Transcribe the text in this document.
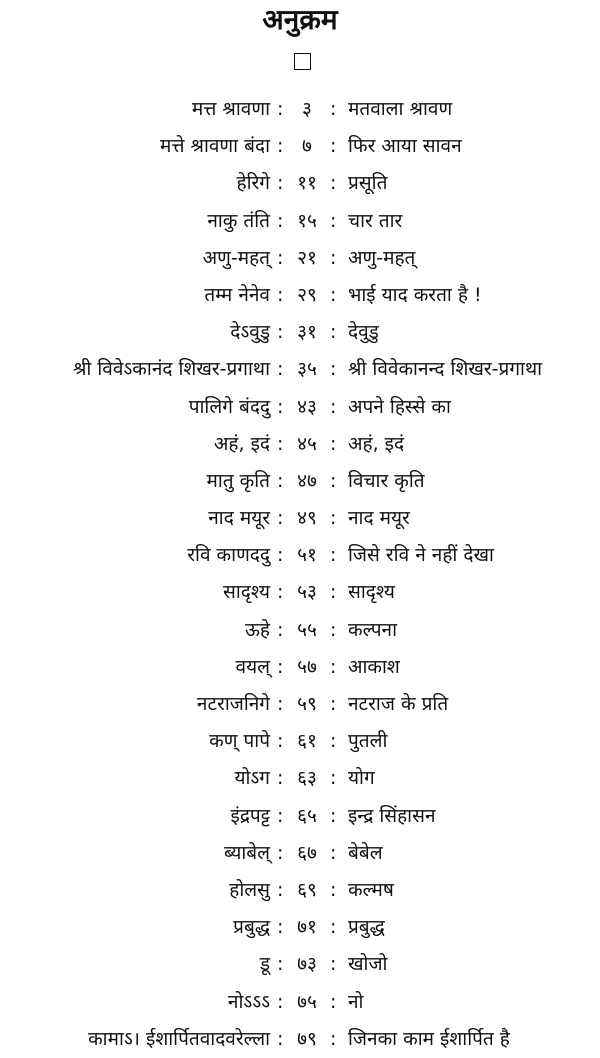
अनुक्रम
मत्त श्रावणा : ३ : मतवाला श्रावण
मत्ते श्रावणा बंदा : ७ : फिर आया सावन
हेरिगे : ११ : प्रसूति
नाकु तंति : १५ : चार तार
अणु-महत् : २१ : अणु-महत्
तम्म नेनेव : २९ : भाई याद करता है !
देऽवुडु : ३१ : देवुडु
श्री विवेऽकानंद शिखर-प्रगाथा : ३५ : श्री विवेकानन्द शिखर-प्रगाथा
पालिगे बंददु : ४३ : अपने हिस्से का
अहं, इदं : ४५ : अहं, इदं
मातु कृति : ४७ : विचार कृति
नाद मयूर : ४९ : नाद मयूर
रवि काणददु : ५१ : जिसे रवि ने नहीं देखा
सादृश्य : ५३ : सादृश्य
ऊहे : ५५ : कल्पना
वयल् : ५७ : आकाश
नटराजनिगे : ५९ : नटराज के प्रति
कण् पापे : ६१ : पुतली
योऽग : ६३ : योग
इंद्रपट्ट : ६५ : इन्द्र सिंहासन
ब्याबेल् : ६७ : बेबेल
होलसु : ६९ : कल्मष
प्रबुद्ध : ७१ : प्रबुद्ध
डू : ७३ : खोजो
नोऽऽऽ : ७५ : नो
कामाऽ। ईशार्पितवादवरेल्ला : ७९ : जिनका काम ईशार्पित है
